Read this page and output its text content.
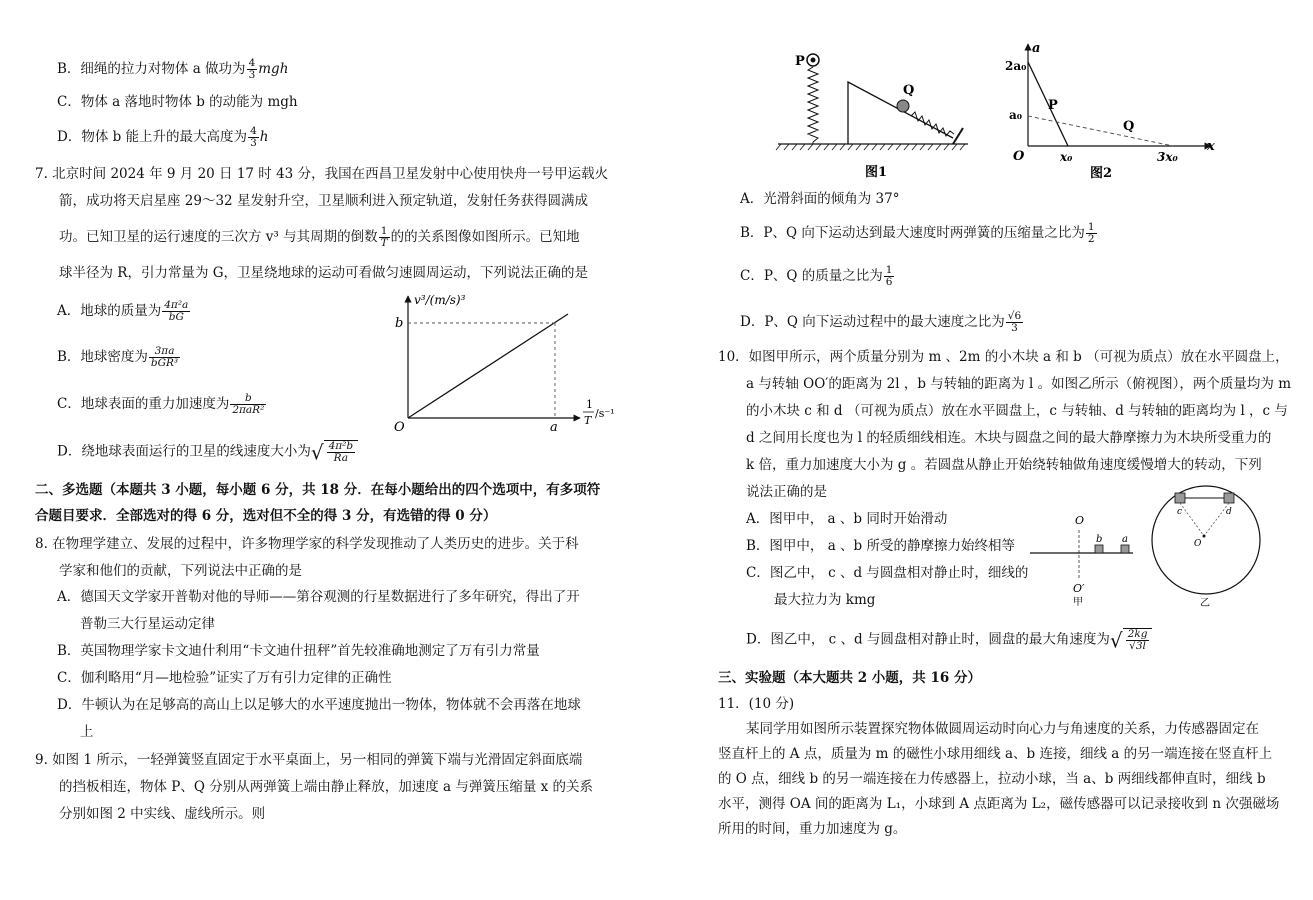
B．细绳的拉力对物体 a 做功为 $\frac{4}{3}$ mgh
C．物体 a 落地时物体 b 的动能为 mgh
D．物体 b 能上升的最大高度为 $\frac{4}{3}$ h
7. 北京时间 2024 年 9 月 20 日 17 时 43 分，我国在西昌卫星发射中心使用快舟一号甲运载火
箭，成功将天启星座 29～32 星发射升空，卫星顺利进入预定轨道，发射任务获得圆满成
功。已知卫星的运行速度的三次方 v³ 与其周期的倒数 $\frac{1}{T}$ 的的关系图像如图所示。已知地
球半径为 R，引力常量为 G，卫星绕地球的运动可看做匀速圆周运动，下列说法正确的是
A．地球的质量为 $\frac{\text{4π²a}}{bG}$
B．地球密度为 $\frac{3\pi a}{\text{bGR³}}$
C．地球表面的重力加速度为 $\frac{b}{\text{2πaR²}}$
D．绕地球表面运行的卫星的线速度大小为√ $\frac{\text{4π²b}}{Ra}$
v³/(m/s)³
b
O	a
1
T
/s⁻¹
二、多选题（本题共 3 小题，每小题 6 分，共 18 分．在每小题给出的四个选项中，有多项符
合题目要求．全部选对的得 6 分，选对但不全的得 3 分，有选错的得 0 分）
8. 在物理学建立、发展的过程中，许多物理学家的科学发现推动了人类历史的进步。关于科
学家和他们的贡献，下列说法中正确的是
A．德国天文学家开普勒对他的导师——第谷观测的行星数据进行了多年研究，得出了开
普勒三大行星运动定律
B．英国物理学家卡文迪什利用“卡文迪什扭秤”首先较准确地测定了万有引力常量
C．伽利略用“月—地检验”证实了万有引力定律的正确性
D．牛顿认为在足够高的高山上以足够大的水平速度抛出一物体，物体就不会再落在地球
上
9. 如图 1 所示，一轻弹簧竖直固定于水平桌面上，另一相同的弹簧下端与光滑固定斜面底端
的挡板相连，物体 P、Q 分别从两弹簧上端由静止释放，加速度 a 与弹簧压缩量 x 的关系
分别如图 2 中实线、虚线所示。则
P
Q
图1
a
2a₀
a₀
P
Q
O	x₀	3x₀
x
图2
A．光滑斜面的倾角为 37°
B．P、Q 向下运动达到最大速度时两弹簧的压缩量之比为 $\frac{1}{2}$
C．P、Q 的质量之比为 $\frac{1}{6}$
D．P、Q 向下运动过程中的最大速度之比为 $\frac{√6}{3}$
10．如图甲所示，两个质量分别为 m 、2m 的小木块 a 和 b （可视为质点）放在水平圆盘上，
a 与转轴 OO′的距离为 2l ，b 与转轴的距离为 l 。如图乙所示（俯视图），两个质量均为 m
的小木块 c 和 d （可视为质点）放在水平圆盘上，c 与转轴、d 与转轴的距离均为 l ，c 与
d 之间用长度也为 l 的轻质细线相连。木块与圆盘之间的最大静摩擦力为木块所受重力的
k 倍，重力加速度大小为 g 。若圆盘从静止开始绕转轴做角速度缓慢增大的转动，下列
说法正确的是
A．图甲中， a 、b 同时开始滑动
B．图甲中， a 、b 所受的静摩擦力始终相等
C．图乙中， c 、d 与圆盘相对静止时，细线的
最大拉力为 kmg
D．图乙中， c 、d 与圆盘相对静止时，圆盘的最大角速度为√ $\frac{2kg}{√3l}$
O
b a
O′
甲
c	d
O
乙
三、实验题（本大题共 2 小题，共 16 分）
11．(10 分)
某同学用如图所示装置探究物体做圆周运动时向心力与角速度的关系，力传感器固定在
竖直杆上的 A 点，质量为 m 的磁性小球用细线 a、b 连接，细线 a 的另一端连接在竖直杆上
的 O 点，细线 b 的另一端连接在力传感器上，拉动小球，当 a、b 两细线都伸直时，细线 b
水平，测得 OA 间的距离为 L₁，小球到 A 点距离为 L₂，磁传感器可以记录接收到 n 次强磁场
所用的时间，重力加速度为 g。
